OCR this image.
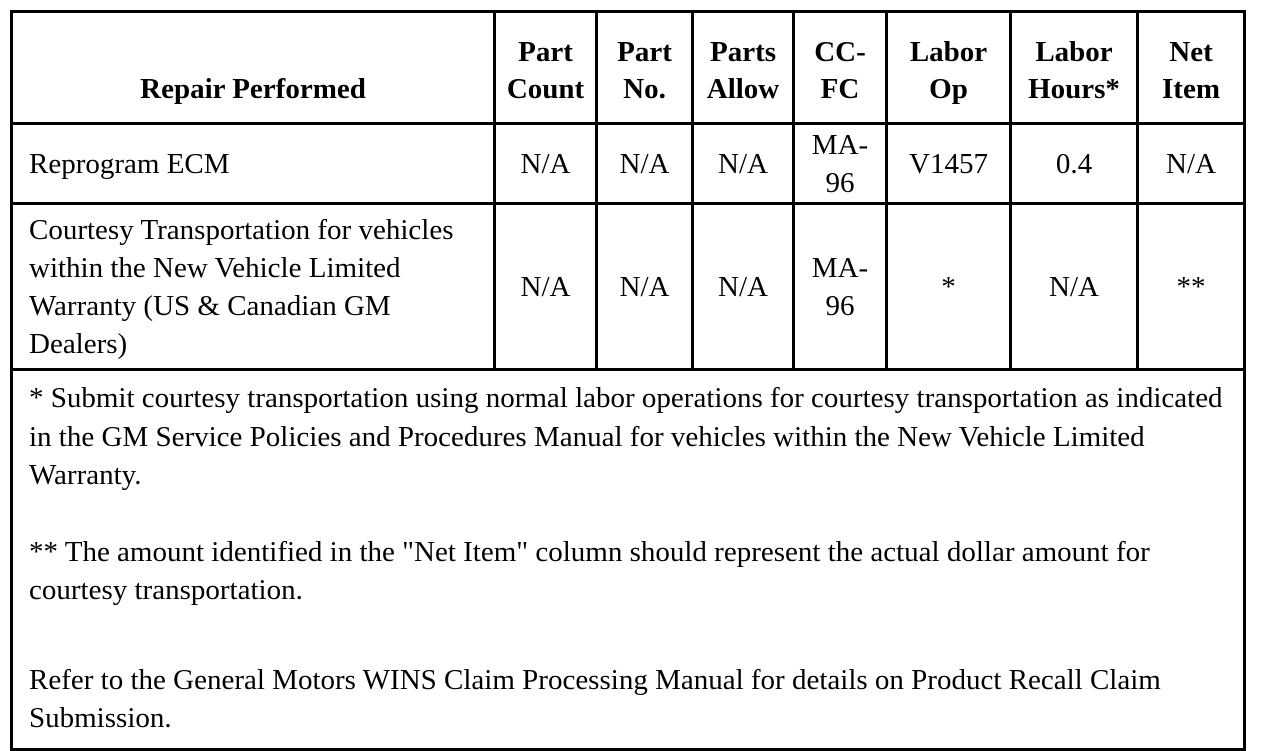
Repair Performed	Part Count	Part No.	Parts Allow	CC-FC	Labor Op	Labor Hours*	Net Item
Reprogram ECM	N/A	N/A	N/A	MA-96	V1457	0.4	N/A
Courtesy Transportation for vehicles within the New Vehicle Limited Warranty (US & Canadian GM Dealers)	N/A	N/A	N/A	MA-96	*	N/A	**

* Submit courtesy transportation using normal labor operations for courtesy transportation as indicated in the GM Service Policies and Procedures Manual for vehicles within the New Vehicle Limited Warranty.

** The amount identified in the "Net Item" column should represent the actual dollar amount for courtesy transportation.

Refer to the General Motors WINS Claim Processing Manual for details on Product Recall Claim Submission.							
